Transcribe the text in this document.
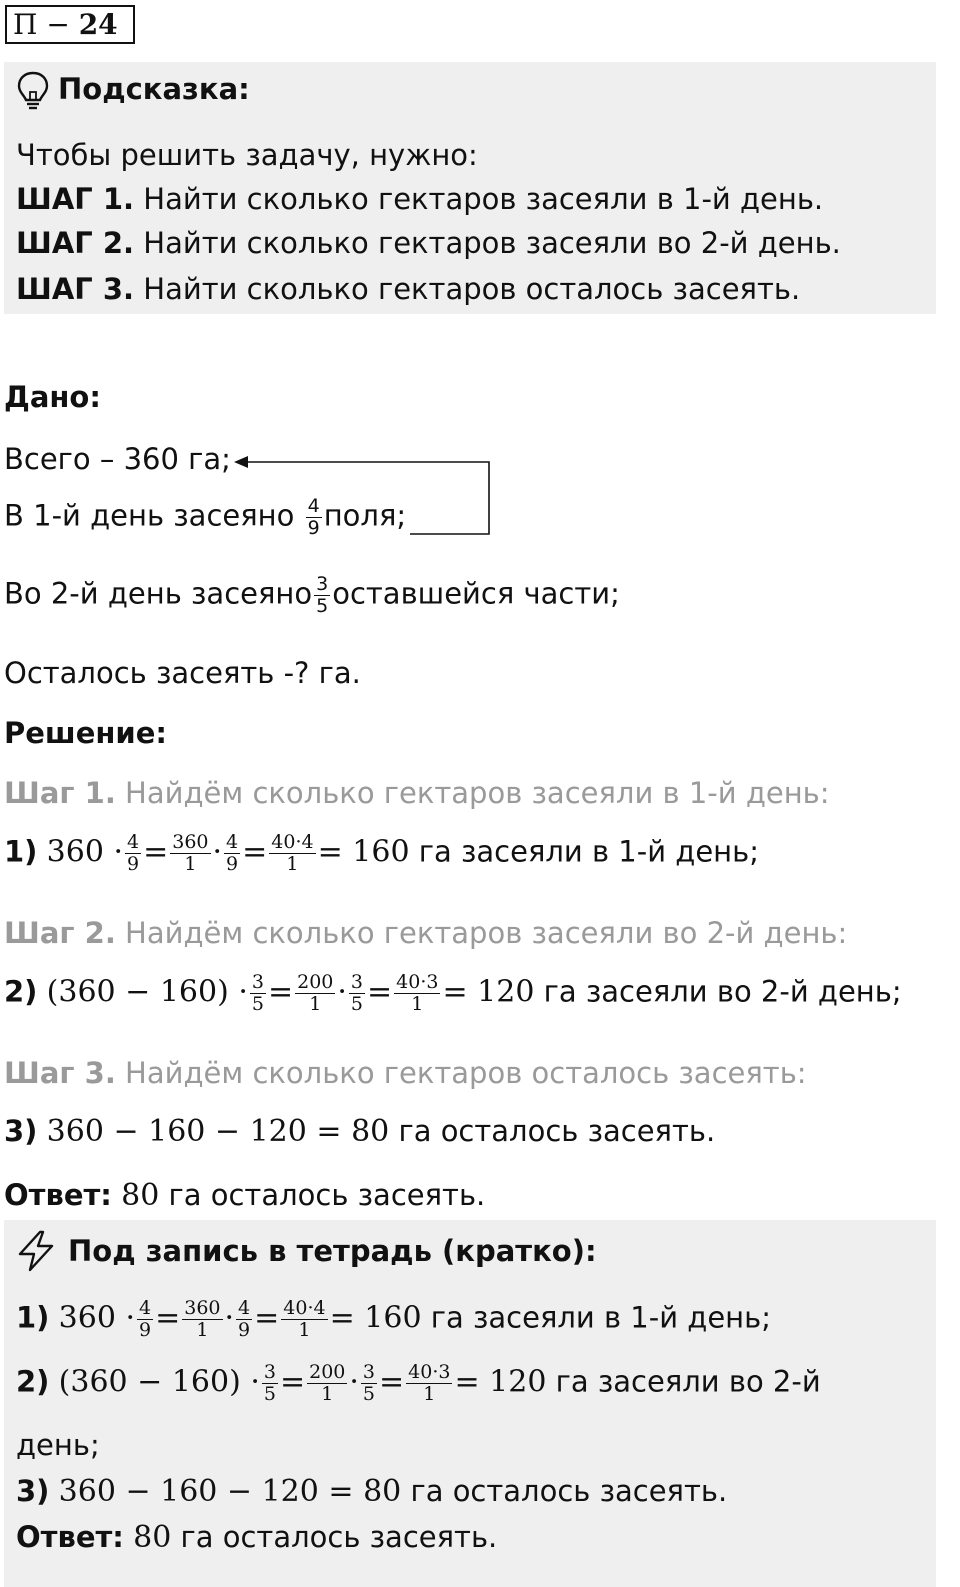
П − 24
Подсказка:
Чтобы решить задачу, нужно:
ШАГ 1. Найти сколько гектаров засеяли в 1-й день.
ШАГ 2. Найти сколько гектаров засеяли во 2-й день.
ШАГ 3. Найти сколько гектаров осталось засеять.
Дано:
Всего – 360 га;
В 1-й день засеяно $\frac{4}{9}$ поля;
Во 2-й день засеяно $\frac{3}{5}$ оставшейся части;
Осталось засеять -? га.
Решение:
Шаг 1. Найдём сколько гектаров засеяли в 1-й день:
1) $360 \cdot \frac{4}{9} = \frac{360}{1} \cdot \frac{4}{9} = \frac{40\cdot 4}{1} = 160$ га засеяли в 1-й день;
Шаг 2. Найдём сколько гектаров засеяли во 2-й день:
2) $(360 - 160) \cdot \frac{3}{5} = \frac{200}{1} \cdot \frac{3}{5} = \frac{40\cdot 3}{1} = 120$ га засеяли во 2-й день;
Шаг 3. Найдём сколько гектаров осталось засеять:
3) 360 − 160 − 120 = 80 га осталось засеять.
Ответ: 80 га осталось засеять.
Под запись в тетрадь (кратко):
1) $360 \cdot \frac{4}{9} = \frac{360}{1} \cdot \frac{4}{9} = \frac{40\cdot 4}{1} = 160$ га засеяли в 1-й день;
2) $(360 - 160) \cdot \frac{3}{5} = \frac{200}{1} \cdot \frac{3}{5} = \frac{40\cdot 3}{1} = 120$ га засеяли во 2-й
день;
3) 360 − 160 − 120 = 80 га осталось засеять.
Ответ: 80 га осталось засеять.
